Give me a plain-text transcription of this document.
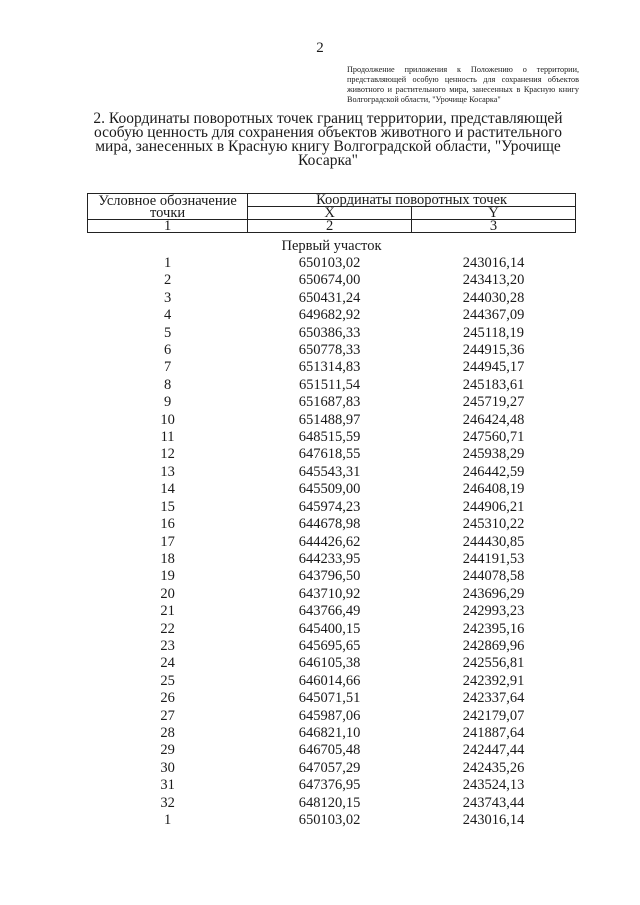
2
Продолжение приложения к Положению о территории, представляющей особую ценность для сохранения объектов животного и растительного мира, занесенных в Красную книгу Волгоградской области, "Урочище Косарка"
2. Координаты поворотных точек границ территории, представляющей особую ценность для сохранения объектов животного и растительного мира, занесенных в Красную книгу Волгоградской области, "Урочище Косарка"
Условное обозначение точки	Координаты поворотных точек	
	X	Y
1	2	3
Первый участок		
1	650103,02	243016,14
2	650674,00	243413,20
3	650431,24	244030,28
4	649682,92	244367,09
5	650386,33	245118,19
6	650778,33	244915,36
7	651314,83	244945,17
8	651511,54	245183,61
9	651687,83	245719,27
10	651488,97	246424,48
11	648515,59	247560,71
12	647618,55	245938,29
13	645543,31	246442,59
14	645509,00	246408,19
15	645974,23	244906,21
16	644678,98	245310,22
17	644426,62	244430,85
18	644233,95	244191,53
19	643796,50	244078,58
20	643710,92	243696,29
21	643766,49	242993,23
22	645400,15	242395,16
23	645695,65	242869,96
24	646105,38	242556,81
25	646014,66	242392,91
26	645071,51	242337,64
27	645987,06	242179,07
28	646821,10	241887,64
29	646705,48	242447,44
30	647057,29	242435,26
31	647376,95	243524,13
32	648120,15	243743,44
1	650103,02	243016,14
